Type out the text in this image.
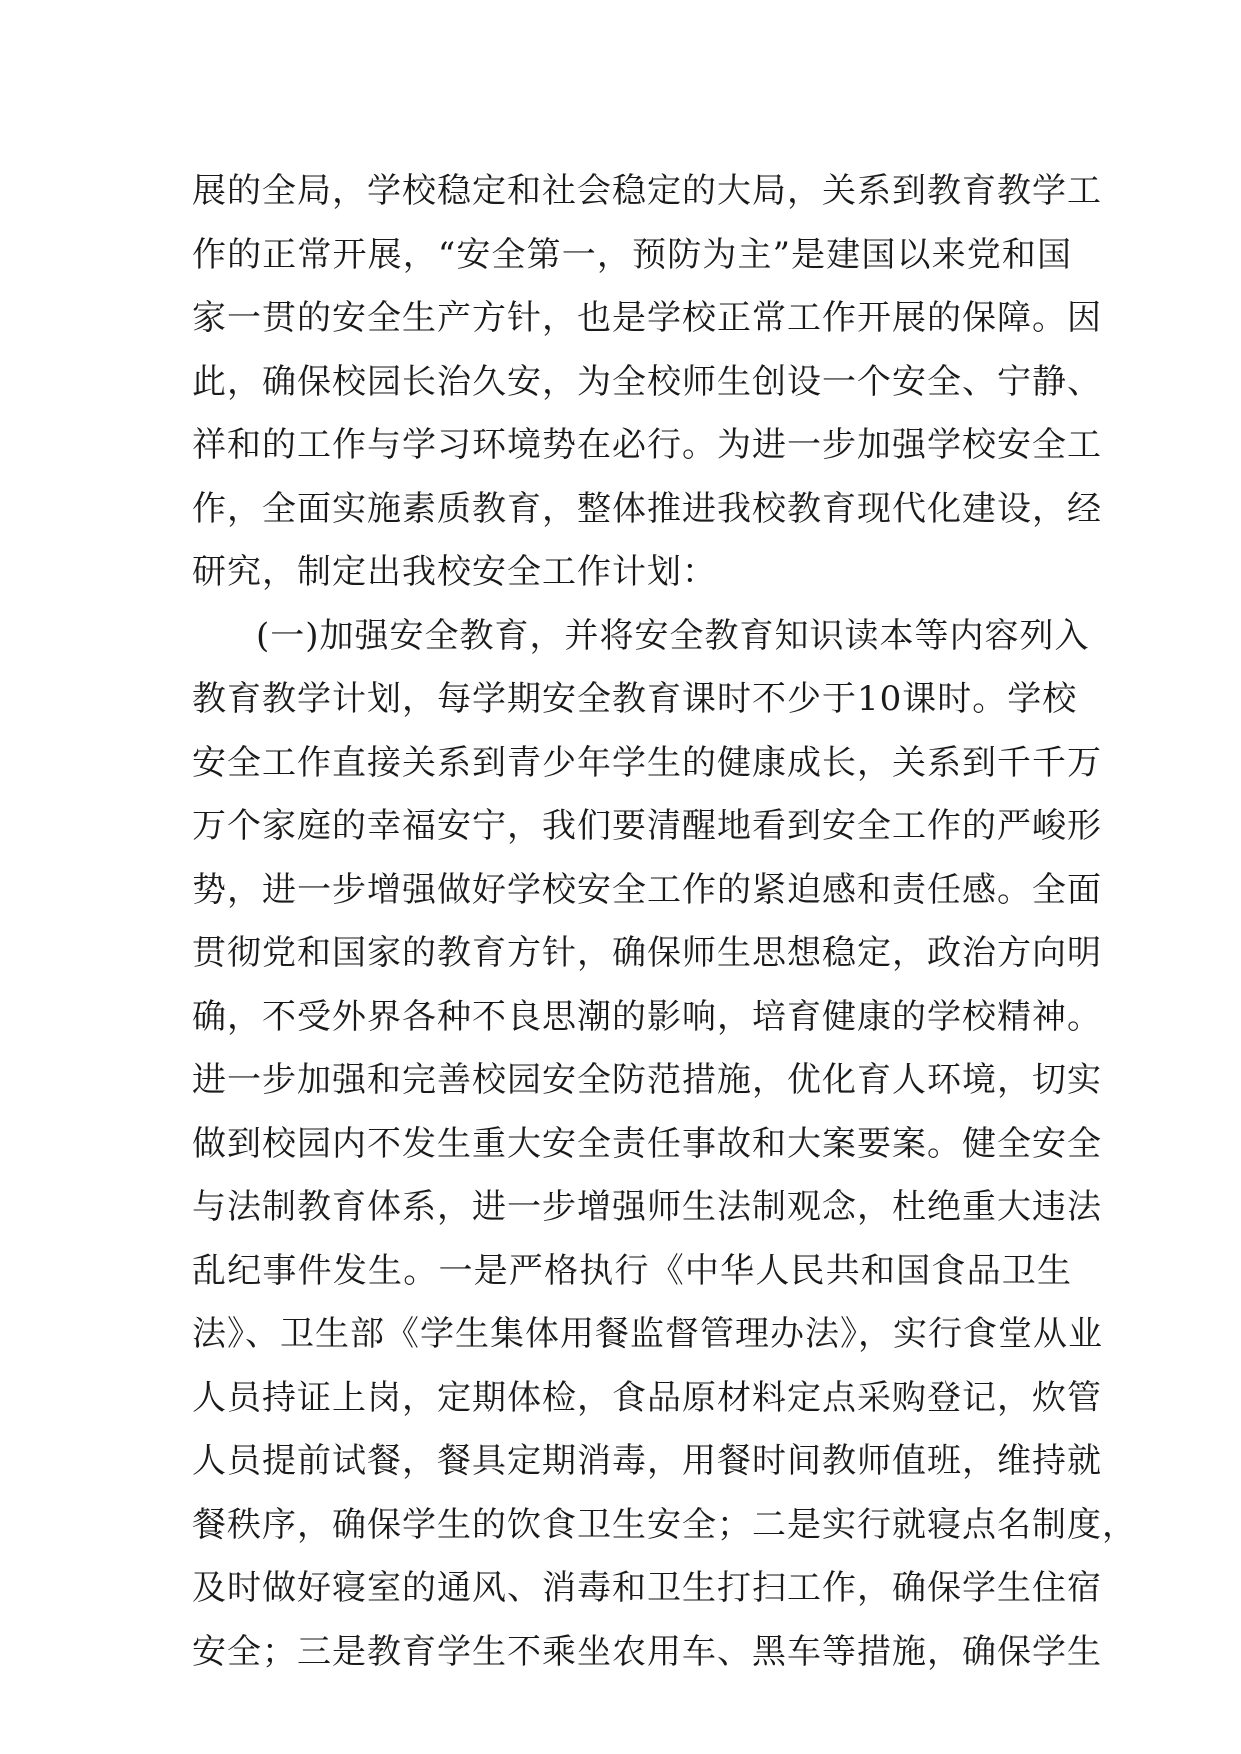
展的全局，学校稳定和社会稳定的大局，关系到教育教学工
作的正常开展，“安全第一，预防为主”是建国以来党和国
家一贯的安全生产方针，也是学校正常工作开展的保障。因
此，确保校园长治久安，为全校师生创设一个安全、宁静、
祥和的工作与学习环境势在必行。为进一步加强学校安全工
作，全面实施素质教育，整体推进我校教育现代化建设，经
研究，制定出我校安全工作计划：
(一)加强安全教育，并将安全教育知识读本等内容列入
教育教学计划，每学期安全教育课时不少于10课时。学校
安全工作直接关系到青少年学生的健康成长，关系到千千万
万个家庭的幸福安宁，我们要清醒地看到安全工作的严峻形
势，进一步增强做好学校安全工作的紧迫感和责任感。全面
贯彻党和国家的教育方针，确保师生思想稳定，政治方向明
确，不受外界各种不良思潮的影响，培育健康的学校精神。
进一步加强和完善校园安全防范措施，优化育人环境，切实
做到校园内不发生重大安全责任事故和大案要案。健全安全
与法制教育体系，进一步增强师生法制观念，杜绝重大违法
乱纪事件发生。一是严格执行《中华人民共和国食品卫生
法》、卫生部《学生集体用餐监督管理办法》，实行食堂从业
人员持证上岗，定期体检，食品原材料定点采购登记，炊管
人员提前试餐，餐具定期消毒，用餐时间教师值班，维持就
餐秩序，确保学生的饮食卫生安全；二是实行就寝点名制度，
及时做好寝室的通风、消毒和卫生打扫工作，确保学生住宿
安全；三是教育学生不乘坐农用车、黑车等措施，确保学生
